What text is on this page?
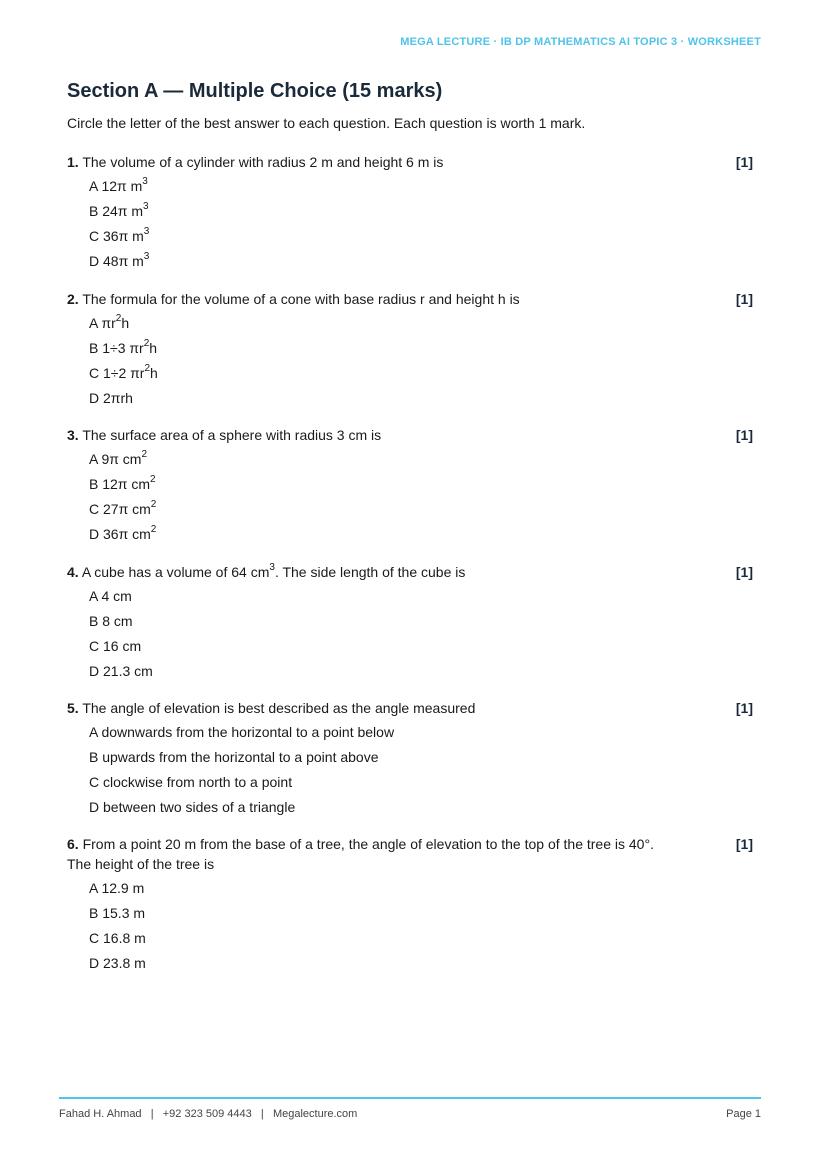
MEGA LECTURE · IB DP MATHEMATICS AI TOPIC 3 · WORKSHEET
Section A — Multiple Choice (15 marks)
Circle the letter of the best answer to each question. Each question is worth 1 mark.
1. The volume of a cylinder with radius 2 m and height 6 m is	[1]
A 12π $m^3$
B 24π $m^3$
C 36π $m^3$
D 48π $m^3$
2. The formula for the volume of a cone with base radius r and height h is	[1]
A $\pi r^2h$
B 1÷3 $\pi r^2h$
C 1÷2 $\pi r^2h$
D 2πrh
3. The surface area of a sphere with radius 3 cm is	[1]
A 9π $cm^2$
B 12π $cm^2$
C 27π $cm^2$
D 36π $cm^2$
4. A cube has a volume of 64 $cm^3$. The side length of the cube is	[1]
A 4 cm
B 8 cm
C 16 cm
D 21.3 cm
5. The angle of elevation is best described as the angle measured	[1]
A downwards from the horizontal to a point below
B upwards from the horizontal to a point above
C clockwise from north to a point
D between two sides of a triangle
6. From a point 20 m from the base of a tree, the angle of elevation to the top of the tree is 40°. The height of the tree is
[1]
A 12.9 m
B 15.3 m
C 16.8 m
D 23.8 m
Fahad H. Ahmad   |   +92 323 509 4443   |   Megalecture.com	Page 1
